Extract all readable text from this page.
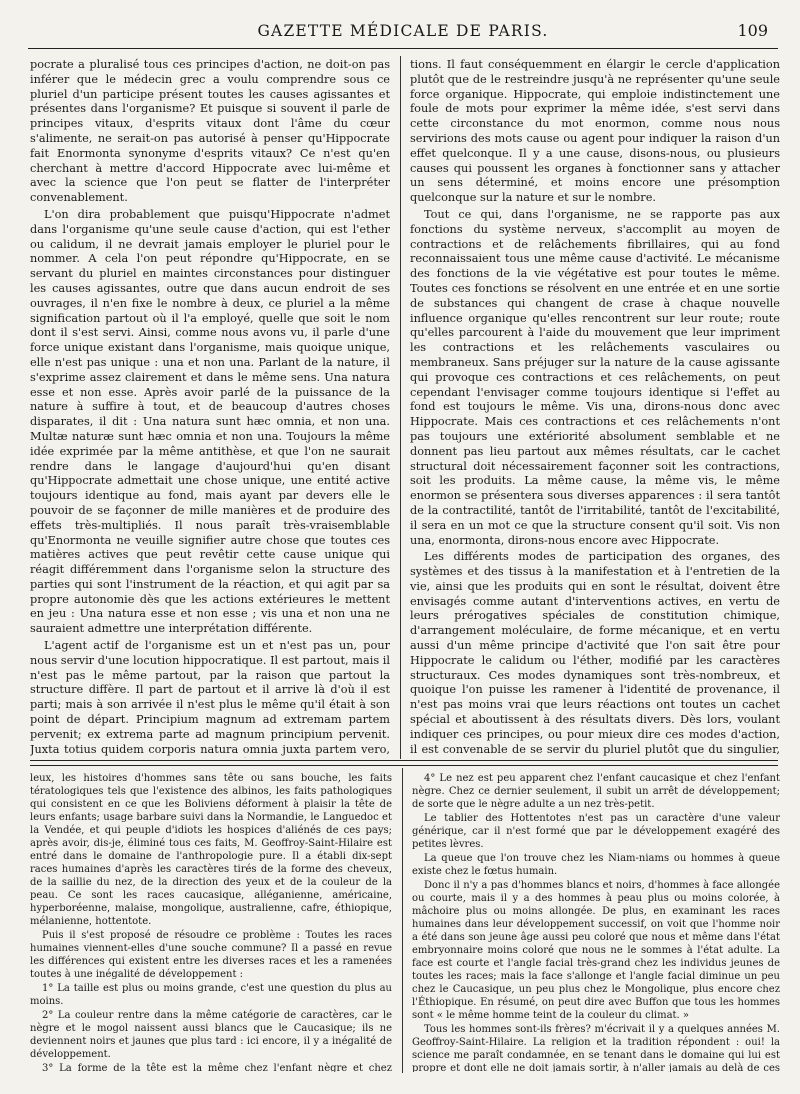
GAZETTE MÉDICALE DE PARIS.	109

pocrate a pluralisé tous ces principes d'action, ne doit-on pas inférer que le médecin grec a voulu comprendre sous ce pluriel d'un participe présent toutes les causes agissantes et présentes dans l'organisme? Et puisque si souvent il parle de principes vitaux, d'esprits vitaux dont l'âme du cœur s'alimente, ne serait-on pas autorisé à penser qu'Hippocrate fait Enormonta synonyme d'esprits vitaux? Ce n'est qu'en cherchant à mettre d'accord Hippocrate avec lui-même et avec la science que l'on peut se flatter de l'interpréter convenablement.

L'on dira probablement que puisqu'Hippocrate n'admet dans l'organisme qu'une seule cause d'action, qui est l'ether ou calidum, il ne devrait jamais employer le pluriel pour le nommer. A cela l'on peut répondre qu'Hippocrate, en se servant du pluriel en maintes circonstances pour distinguer les causes agissantes, outre que dans aucun endroit de ses ouvrages, il n'en fixe le nombre à deux, ce pluriel a la même signification partout où il l'a employé, quelle que soit le nom dont il s'est servi. Ainsi, comme nous avons vu, il parle d'une force unique existant dans l'organisme, mais quoique unique, elle n'est pas unique : una et non una. Parlant de la nature, il s'exprime assez clairement et dans le même sens. Una natura esse et non esse. Après avoir parlé de la puissance de la nature à suffire à tout, et de beaucoup d'autres choses disparates, il dit : Una natura sunt hæc omnia, et non una. Multæ naturæ sunt hæc omnia et non una. Toujours la même idée exprimée par la même antithèse, et que l'on ne saurait rendre dans le langage d'aujourd'hui qu'en disant qu'Hippocrate admettait une chose unique, une entité active toujours identique au fond, mais ayant par devers elle le pouvoir de se façonner de mille manières et de produire des effets très-multipliés. Il nous paraît très-vraisemblable qu'Enormonta ne veuille signifier autre chose que toutes ces matières actives que peut revêtir cette cause unique qui réagit différemment dans l'organisme selon la structure des parties qui sont l'instrument de la réaction, et qui agit par sa propre autonomie dès que les actions extérieures le mettent en jeu : Una natura esse et non esse ; vis una et non una ne sauraient admettre une interprétation différente.

L'agent actif de l'organisme est un et n'est pas un, pour nous servir d'une locution hippocratique. Il est partout, mais il n'est pas le même partout, par la raison que partout la structure diffère. Il part de partout et il arrive là d'où il est parti; mais à son arrivée il n'est plus le même qu'il était à son point de départ. Principium magnum ad extremam partem pervenit; ex extrema parte ad magnum principium pervenit. Juxta totius quidem corporis natura omnia juxta partem vero,

tions. Il faut conséquemment en élargir le cercle d'application plutôt que de le restreindre jusqu'à ne représenter qu'une seule force organique. Hippocrate, qui emploie indistinctement une foule de mots pour exprimer la même idée, s'est servi dans cette circonstance du mot enormon, comme nous nous servirions des mots cause ou agent pour indiquer la raison d'un effet quelconque. Il y a une cause, disons-nous, ou plusieurs causes qui poussent les organes à fonctionner sans y attacher un sens déterminé, et moins encore une présomption quelconque sur la nature et sur le nombre.

Tout ce qui, dans l'organisme, ne se rapporte pas aux fonctions du système nerveux, s'accomplit au moyen de contractions et de relâchements fibrillaires, qui au fond reconnaissaient tous une même cause d'activité. Le mécanisme des fonctions de la vie végétative est pour toutes le même. Toutes ces fonctions se résolvent en une entrée et en une sortie de substances qui changent de crase à chaque nouvelle influence organique qu'elles rencontrent sur leur route; route qu'elles parcourent à l'aide du mouvement que leur impriment les contractions et les relâchements vasculaires ou membraneux. Sans préjuger sur la nature de la cause agissante qui provoque ces contractions et ces relâchements, on peut cependant l'envisager comme toujours identique si l'effet au fond est toujours le même. Vis una, dirons-nous donc avec Hippocrate. Mais ces contractions et ces relâchements n'ont pas toujours une extériorité absolument semblable et ne donnent pas lieu partout aux mêmes résultats, car le cachet structural doit nécessairement façonner soit les contractions, soit les produits. La même cause, la même vis, le même enormon se présentera sous diverses apparences : il sera tantôt de la contractilité, tantôt de l'irritabilité, tantôt de l'excitabilité, il sera en un mot ce que la structure consent qu'il soit. Vis non una, enormonta, dirons-nous encore avec Hippocrate.

Les différents modes de participation des organes, des systèmes et des tissus à la manifestation et à l'entretien de la vie, ainsi que les produits qui en sont le résultat, doivent être envisagés comme autant d'interventions actives, en vertu de leurs prérogatives spéciales de constitution chimique, d'arrangement moléculaire, de forme mécanique, et en vertu aussi d'un même principe d'activité que l'on sait être pour Hippocrate le calidum ou l'éther, modifié par les caractères structuraux. Ces modes dynamiques sont très-nombreux, et quoique l'on puisse les ramener à l'identité de provenance, il n'est pas moins vrai que leurs réactions ont toutes un cachet spécial et aboutissent à des résultats divers. Dès lors, voulant indiquer ces principes, ou pour mieux dire ces modes d'action, il est convenable de se servir du pluriel plutôt que du singulier,

leux, les histoires d'hommes sans tête ou sans bouche, les faits tératologiques tels que l'existence des albinos, les faits pathologiques qui consistent en ce que les Boliviens déforment à plaisir la tête de leurs enfants; usage barbare suivi dans la Normandie, le Languedoc et la Vendée, et qui peuple d'idiots les hospices d'aliénés de ces pays; après avoir, dis-je, éliminé tous ces faits, M. Geoffroy-Saint-Hilaire est entré dans le domaine de l'anthropologie pure. Il a établi dix-sept races humaines d'après les caractères tirés de la forme des cheveux, de la saillie du nez, de la direction des yeux et de la couleur de la peau. Ce sont les races caucasique, alléganienne, américaine, hyperboréenne, malaise, mongolique, australienne, cafre, éthiopique, mélanienne, hottentote.

Puis il s'est proposé de résoudre ce problème : Toutes les races humaines viennent-elles d'une souche commune? Il a passé en revue les différences qui existent entre les diverses races et les a ramenées toutes à une inégalité de développement :

1° La taille est plus ou moins grande, c'est une question du plus au moins.

2° La couleur rentre dans la même catégorie de caractères, car le nègre et le mogol naissent aussi blancs que le Caucasique; ils ne deviennent noirs et jaunes que plus tard : ici encore, il y a inégalité de développement.

3° La forme de la tête est la même chez l'enfant nègre et chez

4° Le nez est peu apparent chez l'enfant caucasique et chez l'enfant nègre. Chez ce dernier seulement, il subit un arrêt de développement; de sorte que le nègre adulte a un nez très-petit.

Le tablier des Hottentotes n'est pas un caractère d'une valeur générique, car il n'est formé que par le développement exagéré des petites lèvres.

La queue que l'on trouve chez les Niam-niams ou hommes à queue existe chez le fœtus humain.

Donc il n'y a pas d'hommes blancs et noirs, d'hommes à face allongée ou courte, mais il y a des hommes à peau plus ou moins colorée, à mâchoire plus ou moins allongée. De plus, en examinant les races humaines dans leur développement successif, on voit que l'homme noir a été dans son jeune âge aussi peu coloré que nous et même dans l'état embryonnaire moins coloré que nous ne le sommes à l'état adulte. La face est courte et l'angle facial très-grand chez les individus jeunes de toutes les races; mais la face s'allonge et l'angle facial diminue un peu chez le Caucasique, un peu plus chez le Mongolique, plus encore chez l'Éthiopique. En résumé, on peut dire avec Buffon que tous les hommes sont « le même homme teint de la couleur du climat. »

Tous les hommes sont-ils frères? m'écrivait il y a quelques années M. Geoffroy-Saint-Hilaire. La religion et la tradition répondent : oui! la science me paraît condamnée, en se tenant dans le domaine qui lui est propre et dont elle ne doit jamais sortir, à n'aller jamais au delà de ces
